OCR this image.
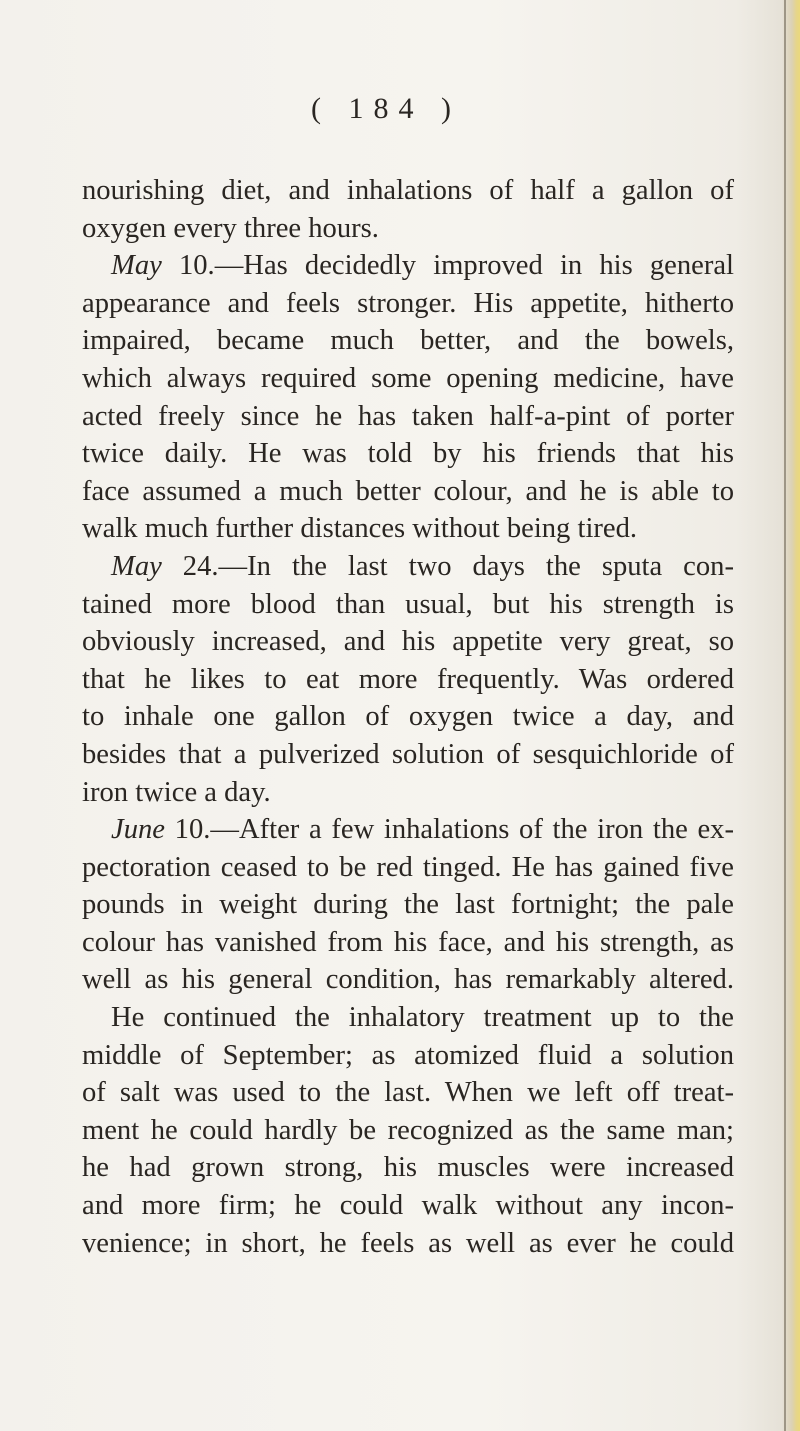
( 184 )
nourishing diet, and inhalations of half a gallon of
oxygen every three hours.
May 10.—Has decidedly improved in his general
appearance and feels stronger. His appetite, hitherto
impaired, became much better, and the bowels,
which always required some opening medicine, have
acted freely since he has taken half-a-pint of porter
twice daily. He was told by his friends that his
face assumed a much better colour, and he is able to
walk much further distances without being tired.
May 24.—In the last two days the sputa con-
tained more blood than usual, but his strength is
obviously increased, and his appetite very great, so
that he likes to eat more frequently. Was ordered
to inhale one gallon of oxygen twice a day, and
besides that a pulverized solution of sesquichloride of
iron twice a day.
June 10.—After a few inhalations of the iron the ex-
pectoration ceased to be red tinged. He has gained five
pounds in weight during the last fortnight; the pale
colour has vanished from his face, and his strength, as
well as his general condition, has remarkably altered.
He continued the inhalatory treatment up to the
middle of September; as atomized fluid a solution
of salt was used to the last. When we left off treat-
ment he could hardly be recognized as the same man;
he had grown strong, his muscles were increased
and more firm; he could walk without any incon-
venience; in short, he feels as well as ever he could
